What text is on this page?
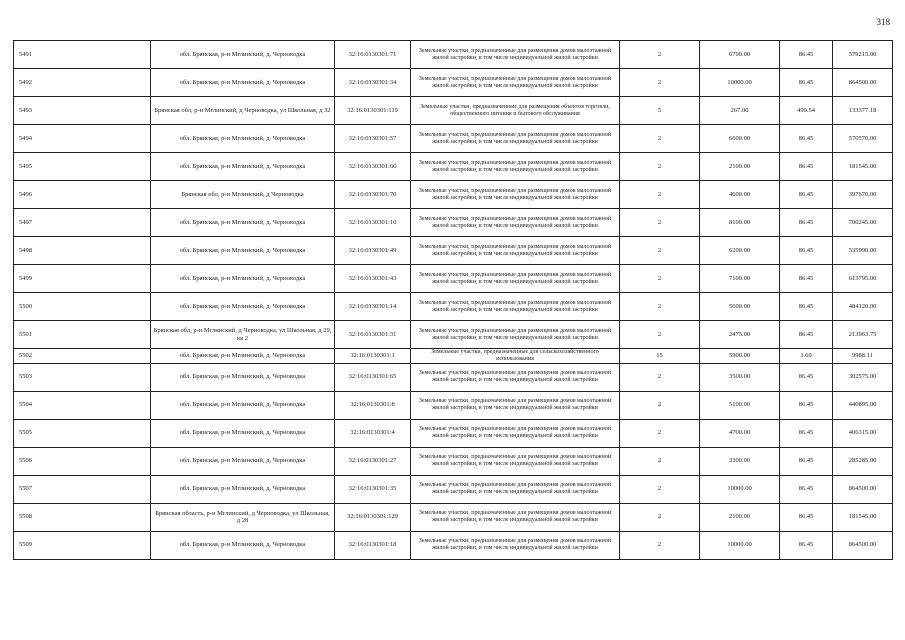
318
5491	обл. Брянская, р-н Мглинский, д. Черноводка	32:16:0130301:71	Земельные участки, предназначенные для размещения домов малоэтажной жилой застройки, в том числе индивидуальной жилой застройки	2	6700.00	86.45	579215.00
5492	обл. Брянская, р-н Мглинский, д. Черноводка	32:16:0130301:34	Земельные участки, предназначенные для размещения домов малоэтажной жилой застройки, в том числе индивидуальной жилой застройки	2	10000.00	86.45	864500.00
5493	Брянская обл, р-н Мглинский, д Черноводка, ул Школьная, д 32	32:16:0130301:119	Земельные участки, предназначенные для размещения объектов торговли, общественного питания и бытового обслуживания	5	267.00	499.54	133377.18
5494	обл. Брянская, р-н Мглинский, д. Черноводка	32:16:0130301:57	Земельные участки, предназначенные для размещения домов малоэтажной жилой застройки, в том числе индивидуальной жилой застройки	2	6600.00	86.45	570570.00
5495	обл. Брянская, р-н Мглинский, д. Черноводка	32:16:0130301:66	Земельные участки, предназначенные для размещения домов малоэтажной жилой застройки, в том числе индивидуальной жилой застройки	2	2100.00	86.45	181545.00
5496	Брянская обл, р-н Мглинский, д Черноводка	32:16:0130301:70	Земельные участки, предназначенные для размещения домов малоэтажной жилой застройки, в том числе индивидуальной жилой застройки	2	4600.00	86.45	397670.00
5497	обл. Брянская, р-н Мглинский, д. Черноводка	32:16:0130301:10	Земельные участки, предназначенные для размещения домов малоэтажной жилой застройки, в том числе индивидуальной жилой застройки	2	8100.00	86.45	700245.00
5498	обл. Брянская, р-н Мглинский, д. Черноводка	32:16:0130301:49	Земельные участки, предназначенные для размещения домов малоэтажной жилой застройки, в том числе индивидуальной жилой застройки	2	6200.00	86.45	535990.00
5499	обл. Брянская, р-н Мглинский, д. Черноводка	32:16:0130301:43	Земельные участки, предназначенные для размещения домов малоэтажной жилой застройки, в том числе индивидуальной жилой застройки	2	7100.00	86.45	613795.00
5500	обл. Брянская, р-н Мглинский, д. Черноводка	32:16:0130301:14	Земельные участки, предназначенные для размещения домов малоэтажной жилой застройки, в том числе индивидуальной жилой застройки	2	5600.00	86.45	484120.00
5501	Брянская обл, р-н Мглинский, д Черноводка, ул Школьная, д 29, кв 2	32:16:0130301:31	Земельные участки, предназначенные для размещения домов малоэтажной жилой застройки, в том числе индивидуальной жилой застройки	2	2475.00	86.45	213963.75
5502	обл. Брянская, р-н Мглинский, д. Черноводка	32:16:0130301:1	Земельные участки, предназначенные для сельскохозяйственного использования	15	5900.00	1.69	9988.11
5503	обл. Брянская, р-н Мглинский, д. Черноводка	32:16:0130301:65	Земельные участки, предназначенные для размещения домов малоэтажной жилой застройки, в том числе индивидуальной жилой застройки	2	3500.00	86.45	302575.00
5504	обл. Брянская, р-н Мглинский, д. Черноводка	32:16:0130301:8	Земельные участки, предназначенные для размещения домов малоэтажной жилой застройки, в том числе индивидуальной жилой застройки	2	5100.00	86.45	440895.00
5505	обл. Брянская, р-н Мглинский, д. Черноводка	32:16:0130301:4	Земельные участки, предназначенные для размещения домов малоэтажной жилой застройки, в том числе индивидуальной жилой застройки	2	4700.00	86.45	406315.00
5506	обл. Брянская, р-н Мглинский, д. Черноводка	32:16:0130301:27	Земельные участки, предназначенные для размещения домов малоэтажной жилой застройки, в том числе индивидуальной жилой застройки	2	3300.00	86.45	285285.00
5507	обл. Брянская, р-н Мглинский, д. Черноводка	32:16:0130301:35	Земельные участки, предназначенные для размещения домов малоэтажной жилой застройки, в том числе индивидуальной жилой застройки	2	10000.00	86.45	864500.00
5508	Брянская область, р-н Мглинский, д Черноводка, ул Школьная, д 28	32:16:0130301:129	Земельные участки, предназначенные для размещения домов малоэтажной жилой застройки, в том числе индивидуальной жилой застройки	2	2100.00	86.45	181545.00
5509	обл. Брянская, р-н Мглинский, д. Черноводка	32:16:0130301:18	Земельные участки, предназначенные для размещения домов малоэтажной жилой застройки, в том числе индивидуальной жилой застройки	2	10000.00	86.45	864500.00
